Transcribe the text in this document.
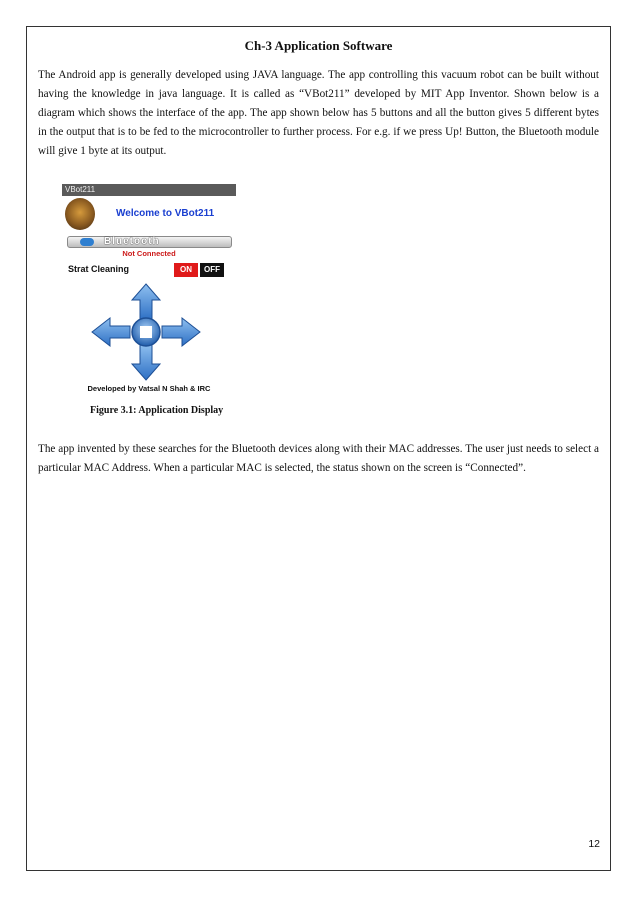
Ch-3 Application Software

The Android app is generally developed using JAVA language. The app controlling this vacuum robot can be built without having the knowledge in java language. It is called as “VBot211” developed by MIT App Inventor. Shown below is a diagram which shows the interface of the app. The app shown below has 5 buttons and all the button gives 5 different bytes in the output that is to be fed to the microcontroller to further process. For e.g. if we press Up! Button, the Bluetooth module will give 1 byte at its output.

VBot211
Welcome to VBot211
Bluetooth
Not Connected
Strat Cleaning	ON	OFF
Developed by Vatsal N Shah & IRC
Figure 3.1: Application Display

The app invented by these searches for the Bluetooth devices along with their MAC addresses. The user just needs to select a particular MAC Address. When a particular MAC is selected, the status shown on the screen is “Connected”.

12
